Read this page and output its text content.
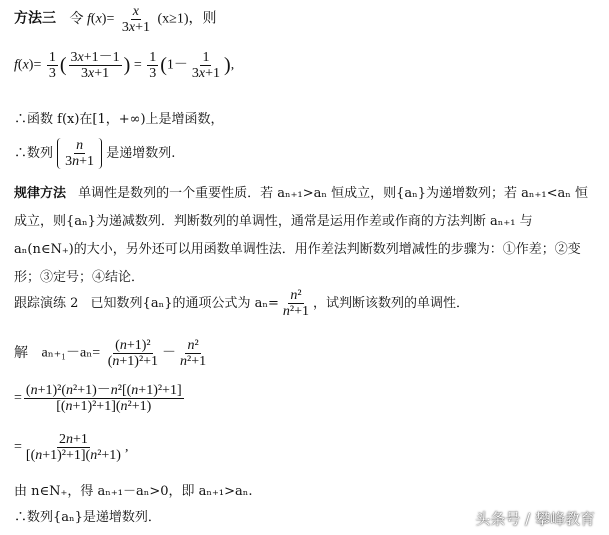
方法三 令 $f(x)= \frac{x}{3x+1} (x\ge 1)$，则
$f(x)= \frac{1}{3}$ ( $\frac{3x+1-1}{3x+1}$ ) = $\frac{1}{3} (1- \frac{1}{3x+1}$ ),
∴函数 f(x)在[1，+∞)上是增函数，
∴数列 $\frac{n}{3n+1}$ 是递增数列.
规律方法 单调性是数列的一个重要性质．若 aₙ₊₁>aₙ 恒成立，则{aₙ}为递增数列；若 aₙ₊₁<aₙ 恒成立，则{aₙ}为递减数列．判断数列的单调性，通常是运用作差或作商的方法判断 aₙ₊₁ 与 aₙ(n∈N₊)的大小，另外还可以用函数单调性法．用作差法判断数列增减性的步骤为：①作差；②变形；③定号；④结论．
跟踪演练 2 已知数列{aₙ}的通项公式为 $a_n= \frac{\text{n²}}{\text{n²+1}}$ ，试判断该数列的单调性．
解 $a_{n+1}-a_n= \frac{\text{(n+1)²}}{\text{(n+1)²+1}} - \frac{\text{n²}}{\text{n²+1}}$
= $\frac{\text{(n+1)²(n²+1)－n²[(n+1)²+1]}}{\text{[(n+1)²+1](n²+1)}}$
= $\frac{2n+1}{\text{[(n+1)²+1](n²+1)}}$ ,
由 n∈N₊，得 aₙ₊₁－aₙ>0，即 aₙ₊₁>aₙ.
∴数列{aₙ}是递增数列．	头条号 / 攀峰教育
